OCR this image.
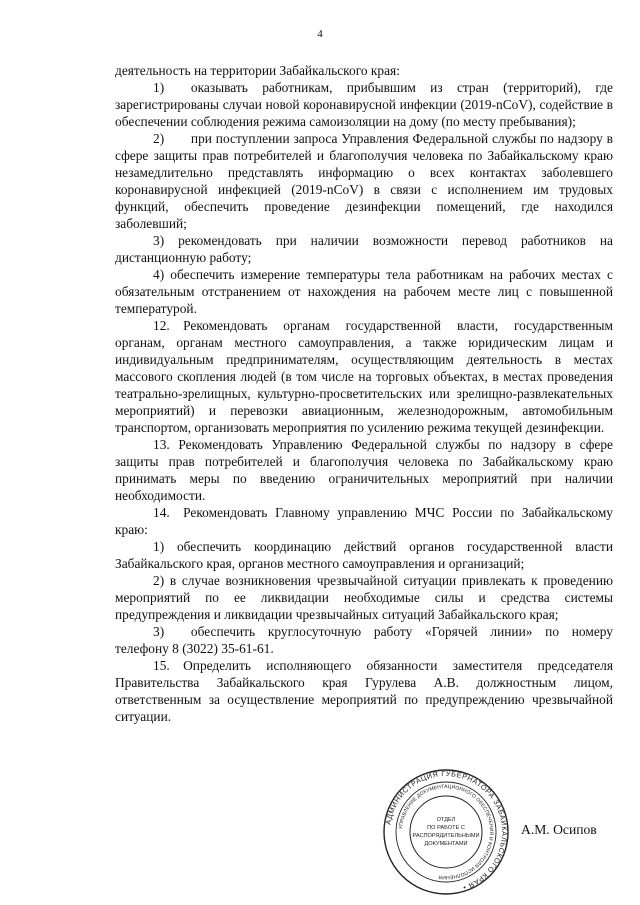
4

деятельность на территории Забайкальского края:

1)  оказывать работникам, прибывшим из стран (территорий), где зарегистрированы случаи новой коронавирусной инфекции (2019-nCoV), содействие в обеспечении соблюдения режима самоизоляции на дому (по месту пребывания);

2)  при поступлении запроса Управления Федеральной службы по надзору в сфере защиты прав потребителей и благополучия человека по Забайкальскому краю незамедлительно представлять информацию о всех контактах заболевшего коронавирусной инфекцией (2019-nCoV) в связи с исполнением им трудовых функций, обеспечить проведение дезинфекции помещений, где находился заболевший;

3) рекомендовать при наличии возможности перевод работников на дистанционную работу;

4) обеспечить измерение температуры тела работникам на рабочих местах с обязательным отстранением от нахождения на рабочем месте лиц с повышенной температурой.

12. Рекомендовать органам государственной власти, государственным органам, органам местного самоуправления, а также юридическим лицам и индивидуальным предпринимателям, осуществляющим деятельность в местах массового скопления людей (в том числе на торговых объектах, в местах проведения театрально-зрелищных, культурно-просветительских или зрелищно-развлекательных мероприятий) и перевозки авиационным, железнодорожным, автомобильным транспортом, организовать мероприятия по усилению режима текущей дезинфекции.

13. Рекомендовать Управлению Федеральной службы по надзору в сфере защиты прав потребителей и благополучия человека по Забайкальскому краю принимать меры по введению ограничительных мероприятий при наличии необходимости.

14. Рекомендовать Главному управлению МЧС России по Забайкальскому краю:

1) обеспечить координацию действий органов государственной власти Забайкальского края, органов местного самоуправления и организаций;

2) в случае возникновения чрезвычайной ситуации привлекать к проведению мероприятий по ее ликвидации необходимые силы и средства системы предупреждения и ликвидации чрезвычайных ситуаций Забайкальского края;

3)  обеспечить круглосуточную работу «Горячей линии» по номеру телефону 8 (3022) 35-61-61.

15. Определить исполняющего обязанности заместителя председателя Правительства Забайкальского края Гурулева А.В. должностным лицом, ответственным за осуществление мероприятий по предупреждению чрезвычайной ситуации.

АДМИНИСТРАЦИЯ ГУБЕРНАТОРА ЗАБАЙКАЛЬСКОГО КРАЯ •
УПРАВЛЕНИЕ ДОКУМЕНТАЦИОННОГО ОБЕСПЕЧЕНИЯ И КОНТРОЛЯ ИСПОЛНЕНИЯ
ОТДЕЛ
ПО РАБОТЕ С
РАСПОРЯДИТЕЛЬНЫМИ
ДОКУМЕНТАМИ
А.М. Осипов
